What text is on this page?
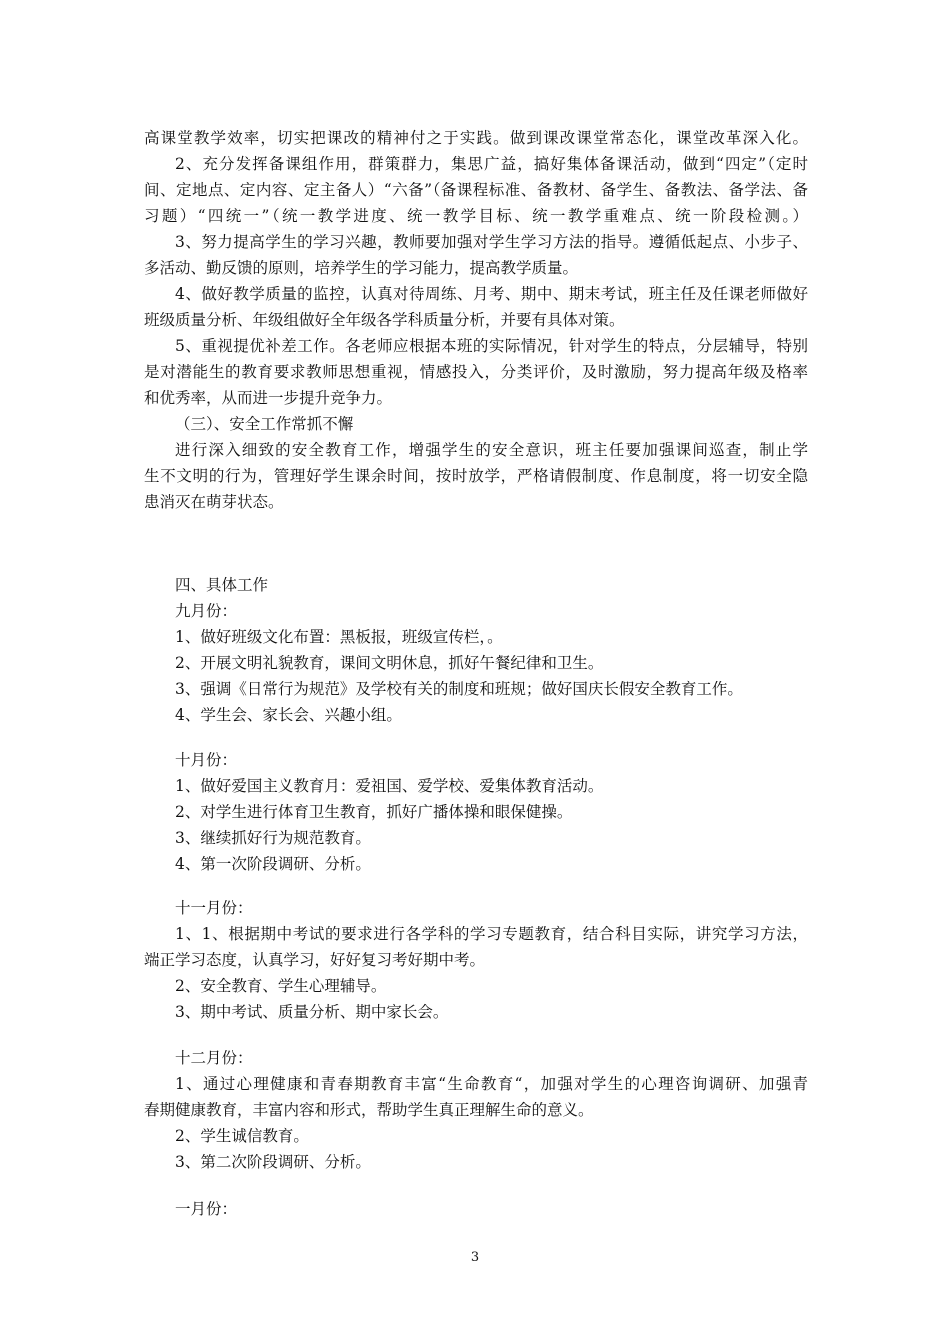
3
高课堂教学效率，切实把课改的精神付之于实践。做到课改课堂常态化，课堂改革深入化。
2、充分发挥备课组作用，群策群力，集思广益，搞好集体备课活动，做到“四定”（定时
间、定地点、定内容、定主备人）“六备”（备课程标准、备教材、备学生、备教法、备学法、备
习题）“四统一”（统一教学进度、统一教学目标、统一教学重难点、统一阶段检测。）
3、努力提高学生的学习兴趣，教师要加强对学生学习方法的指导。遵循低起点、小步子、
多活动、勤反馈的原则，培养学生的学习能力，提高教学质量。
4、做好教学质量的监控，认真对待周练、月考、期中、期末考试，班主任及任课老师做好
班级质量分析、年级组做好全年级各学科质量分析，并要有具体对策。
5、重视提优补差工作。各老师应根据本班的实际情况，针对学生的特点，分层辅导，特别
是对潜能生的教育要求教师思想重视，情感投入，分类评价，及时激励，努力提高年级及格率
和优秀率，从而进一步提升竞争力。
（三）、安全工作常抓不懈
进行深入细致的安全教育工作，增强学生的安全意识，班主任要加强课间巡查，制止学
生不文明的行为，管理好学生课余时间，按时放学，严格请假制度、作息制度，将一切安全隐
患消灭在萌芽状态。
四、具体工作
九月份：
1、做好班级文化布置：黑板报，班级宣传栏，。
2、开展文明礼貌教育，课间文明休息，抓好午餐纪律和卫生。
3、强调《日常行为规范》及学校有关的制度和班规；做好国庆长假安全教育工作。
4、学生会、家长会、兴趣小组。
十月份：
1、做好爱国主义教育月：爱祖国、爱学校、爱集体教育活动。
2、对学生进行体育卫生教育，抓好广播体操和眼保健操。
3、继续抓好行为规范教育。
4、第一次阶段调研、分析。
十一月份：
1、1、根据期中考试的要求进行各学科的学习专题教育，结合科目实际，讲究学习方法，
端正学习态度，认真学习，好好复习考好期中考。
2、安全教育、学生心理辅导。
3、期中考试、质量分析、期中家长会。
十二月份：
1、通过心理健康和青春期教育丰富“生命教育“，加强对学生的心理咨询调研、加强青
春期健康教育，丰富内容和形式，帮助学生真正理解生命的意义。
2、学生诚信教育。
3、第二次阶段调研、分析。
一月份：
